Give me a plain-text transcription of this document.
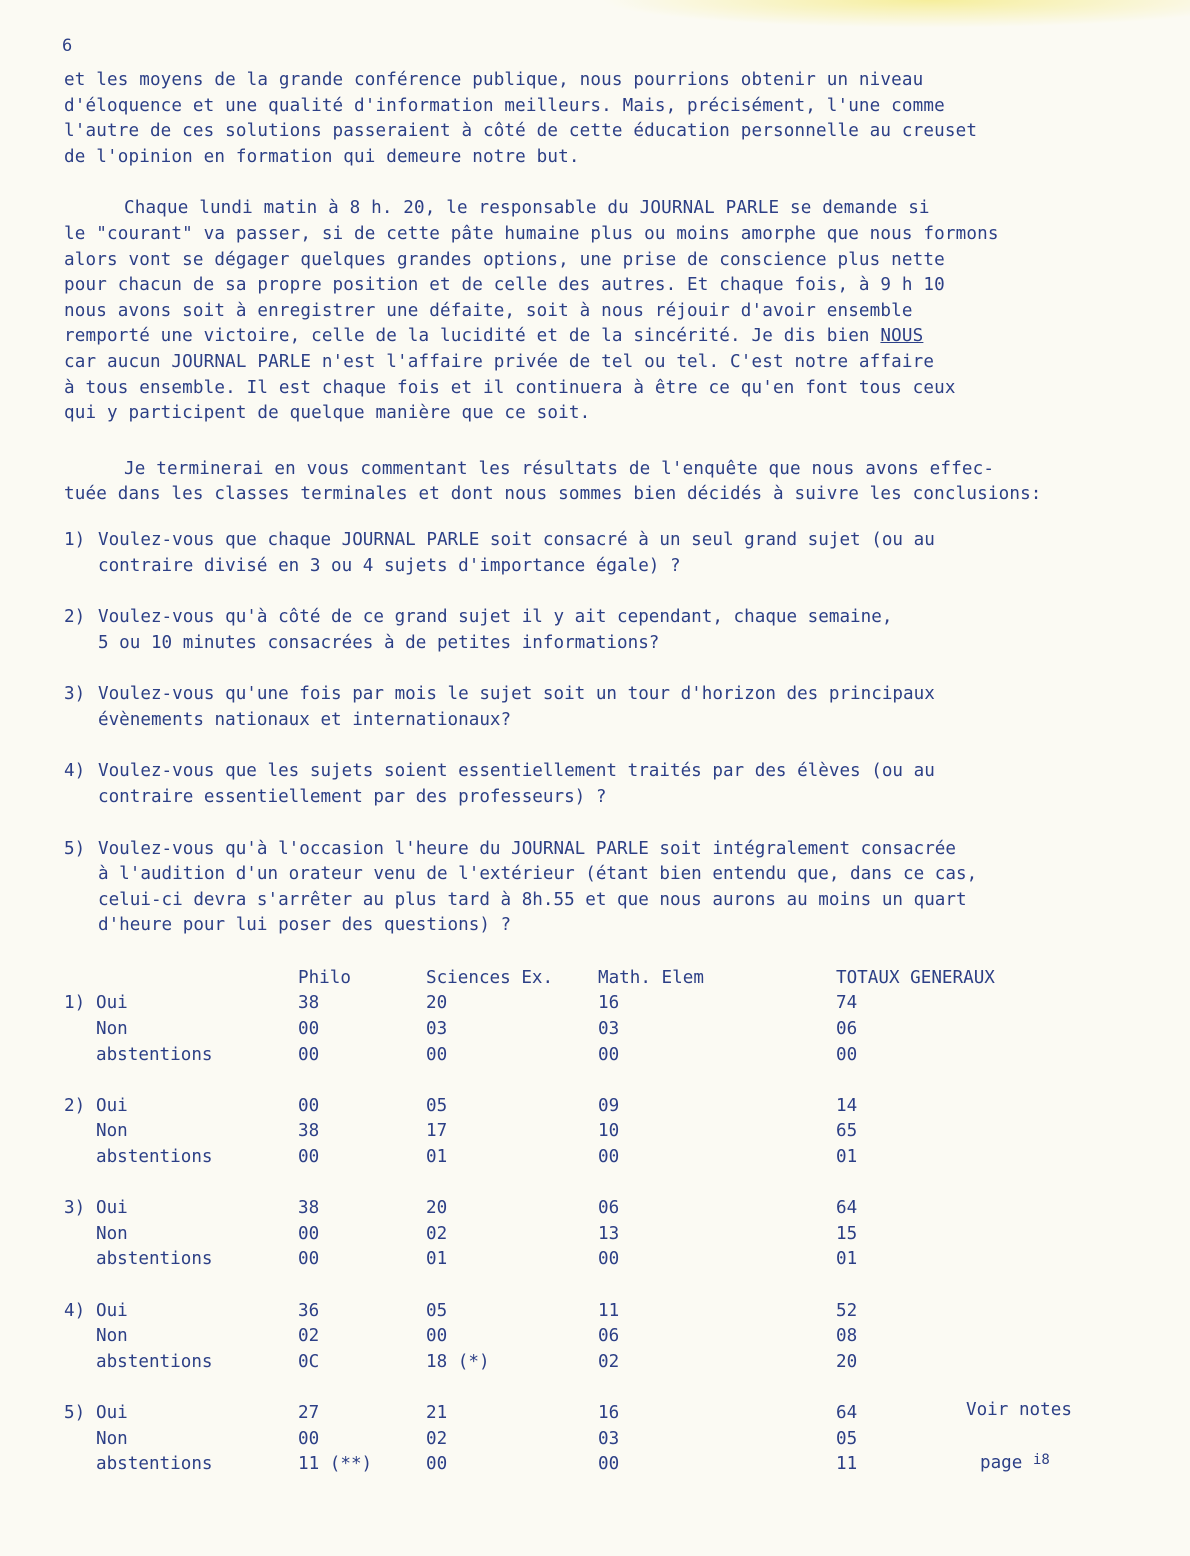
6

et les moyens de la grande conférence publique, nous pourrions obtenir un niveau
d'éloquence et une qualité d'information meilleurs. Mais, précisément, l'une comme
l'autre de ces solutions passeraient à côté de cette éducation personnelle au creuset
de l'opinion en formation qui demeure notre but.

Chaque lundi matin à 8 h. 20, le responsable du JOURNAL PARLE se demande si
le "courant" va passer, si de cette pâte humaine plus ou moins amorphe que nous formons
alors vont se dégager quelques grandes options, une prise de conscience plus nette
pour chacun de sa propre position et de celle des autres. Et chaque fois, à 9 h 10
nous avons soit à enregistrer une défaite, soit à nous réjouir d'avoir ensemble
remporté une victoire, celle de la lucidité et de la sincérité. Je dis bien NOUS
car aucun JOURNAL PARLE n'est l'affaire privée de tel ou tel. C'est notre affaire
à tous ensemble. Il est chaque fois et il continuera à être ce qu'en font tous ceux
qui y participent de quelque manière que ce soit.

Je terminerai en vous commentant les résultats de l'enquête que nous avons effec-
tuée dans les classes terminales et dont nous sommes bien décidés à suivre les conclusions:

1) Voulez-vous que chaque JOURNAL PARLE soit consacré à un seul grand sujet (ou au
contraire divisé en 3 ou 4 sujets d'importance égale) ?
2) Voulez-vous qu'à côté de ce grand sujet il y ait cependant, chaque semaine,
5 ou 10 minutes consacrées à de petites informations?
3) Voulez-vous qu'une fois par mois le sujet soit un tour d'horizon des principaux
évènements nationaux et internationaux?
4) Voulez-vous que les sujets soient essentiellement traités par des élèves (ou au
contraire essentiellement par des professeurs) ?
5) Voulez-vous qu'à l'occasion l'heure du JOURNAL PARLE soit intégralement consacrée
à l'audition d'un orateur venu de l'extérieur (étant bien entendu que, dans ce cas,
celui-ci devra s'arrêter au plus tard à 8h.55 et que nous aurons au moins un quart
d'heure pour lui poser des questions) ?
		Philo	Sciences Ex.	Math. Elem	TOTAUX GENERAUX
1)	Oui	38	20	16	74
	Non	00	03	03	06
	abstentions	00	00	00	00

2)	Oui	00	05	09	14
	Non	38	17	10	65
	abstentions	00	01	00	01

3)	Oui	38	20	06	64
	Non	00	02	13	15
	abstentions	00	01	00	01

4)	Oui	36	05	11	52
	Non	02	00	06	08
	abstentions	0C	18 (*)	02	20

5)	Oui	27	21	16	64
	Non	00	02	03	05
	abstentions	11 (**)	00	00	11
Voir notes
page $^{i8}$
